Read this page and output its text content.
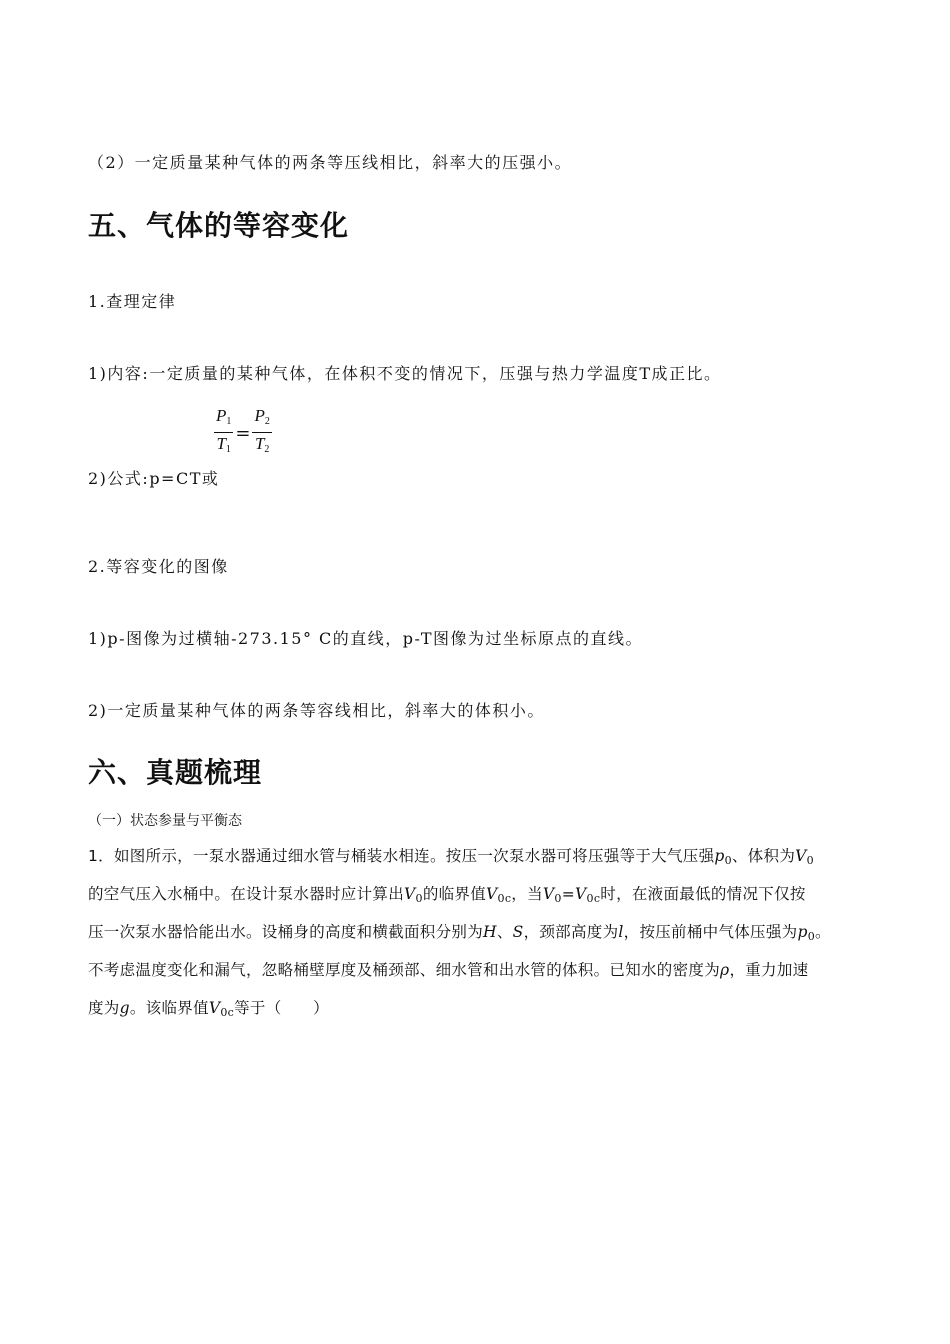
（2）一定质量某种气体的两条等压线相比，斜率大的压强小。
五、气体的等容变化
1.查理定律
1)内容:一定质量的某种气体，在体积不变的情况下，压强与热力学温度T成正比。
$\frac{P_1}{T_1} = \frac{P_2}{T_2}$
2)公式:p=CT或
2.等容变化的图像
1)p-图像为过横轴-273.15° C的直线，p-T图像为过坐标原点的直线。
2)一定质量某种气体的两条等容线相比，斜率大的体积小。
六、真题梳理
（一）状态参量与平衡态
1．如图所示，一泵水器通过细水管与桶装水相连。按压一次泵水器可将压强等于大气压强$p_0$、体积为$V_0$
的空气压入水桶中。在设计泵水器时应计算出$V_0$的临界值$V_{0c}$，当$V_0=V_{0c}$时，在液面最低的情况下仅按
压一次泵水器恰能出水。设桶身的高度和横截面积分别为H、S，颈部高度为l，按压前桶中气体压强为$p_0$。
不考虑温度变化和漏气，忽略桶壁厚度及桶颈部、细水管和出水管的体积。已知水的密度为ρ，重力加速
度为g。该临界值$V_{0c}$等于（　　）
